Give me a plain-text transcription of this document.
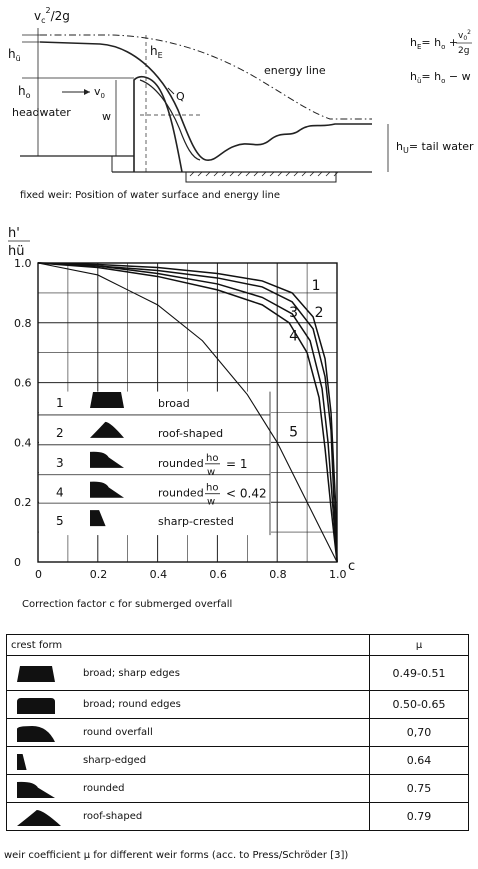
$v_c^2/2g$
$h_ü$
$h_o$	$v_0$
headwater	w
$h_E$
Q
energy line
$h_U=$ tail water
$h_E= h_o + v_0^2$
2g
$h_ü= h_o - w$
fixed weir: Position of water surface and energy line
h'
hü
1	broad
2	roof-shaped
3	rounded ho
w
= 1
4	rounded ho
w
< 0.42
5	sharp-crested
1
2
3
4
5
0	0.2	0.4	0.6	0.8	1.0
0
0.2
0.4
0.6
0.8
1.0
c
Correction factor c for submerged overfall
crest form	µ
broad; sharp edges	0.49-0.51
broad; round edges	0.50-0.65
round overfall	0,70
sharp-edged	0.64
rounded	0.75
roof-shaped	0.79
weir coefficient µ for different weir forms (acc. to Press/Schröder [3])
